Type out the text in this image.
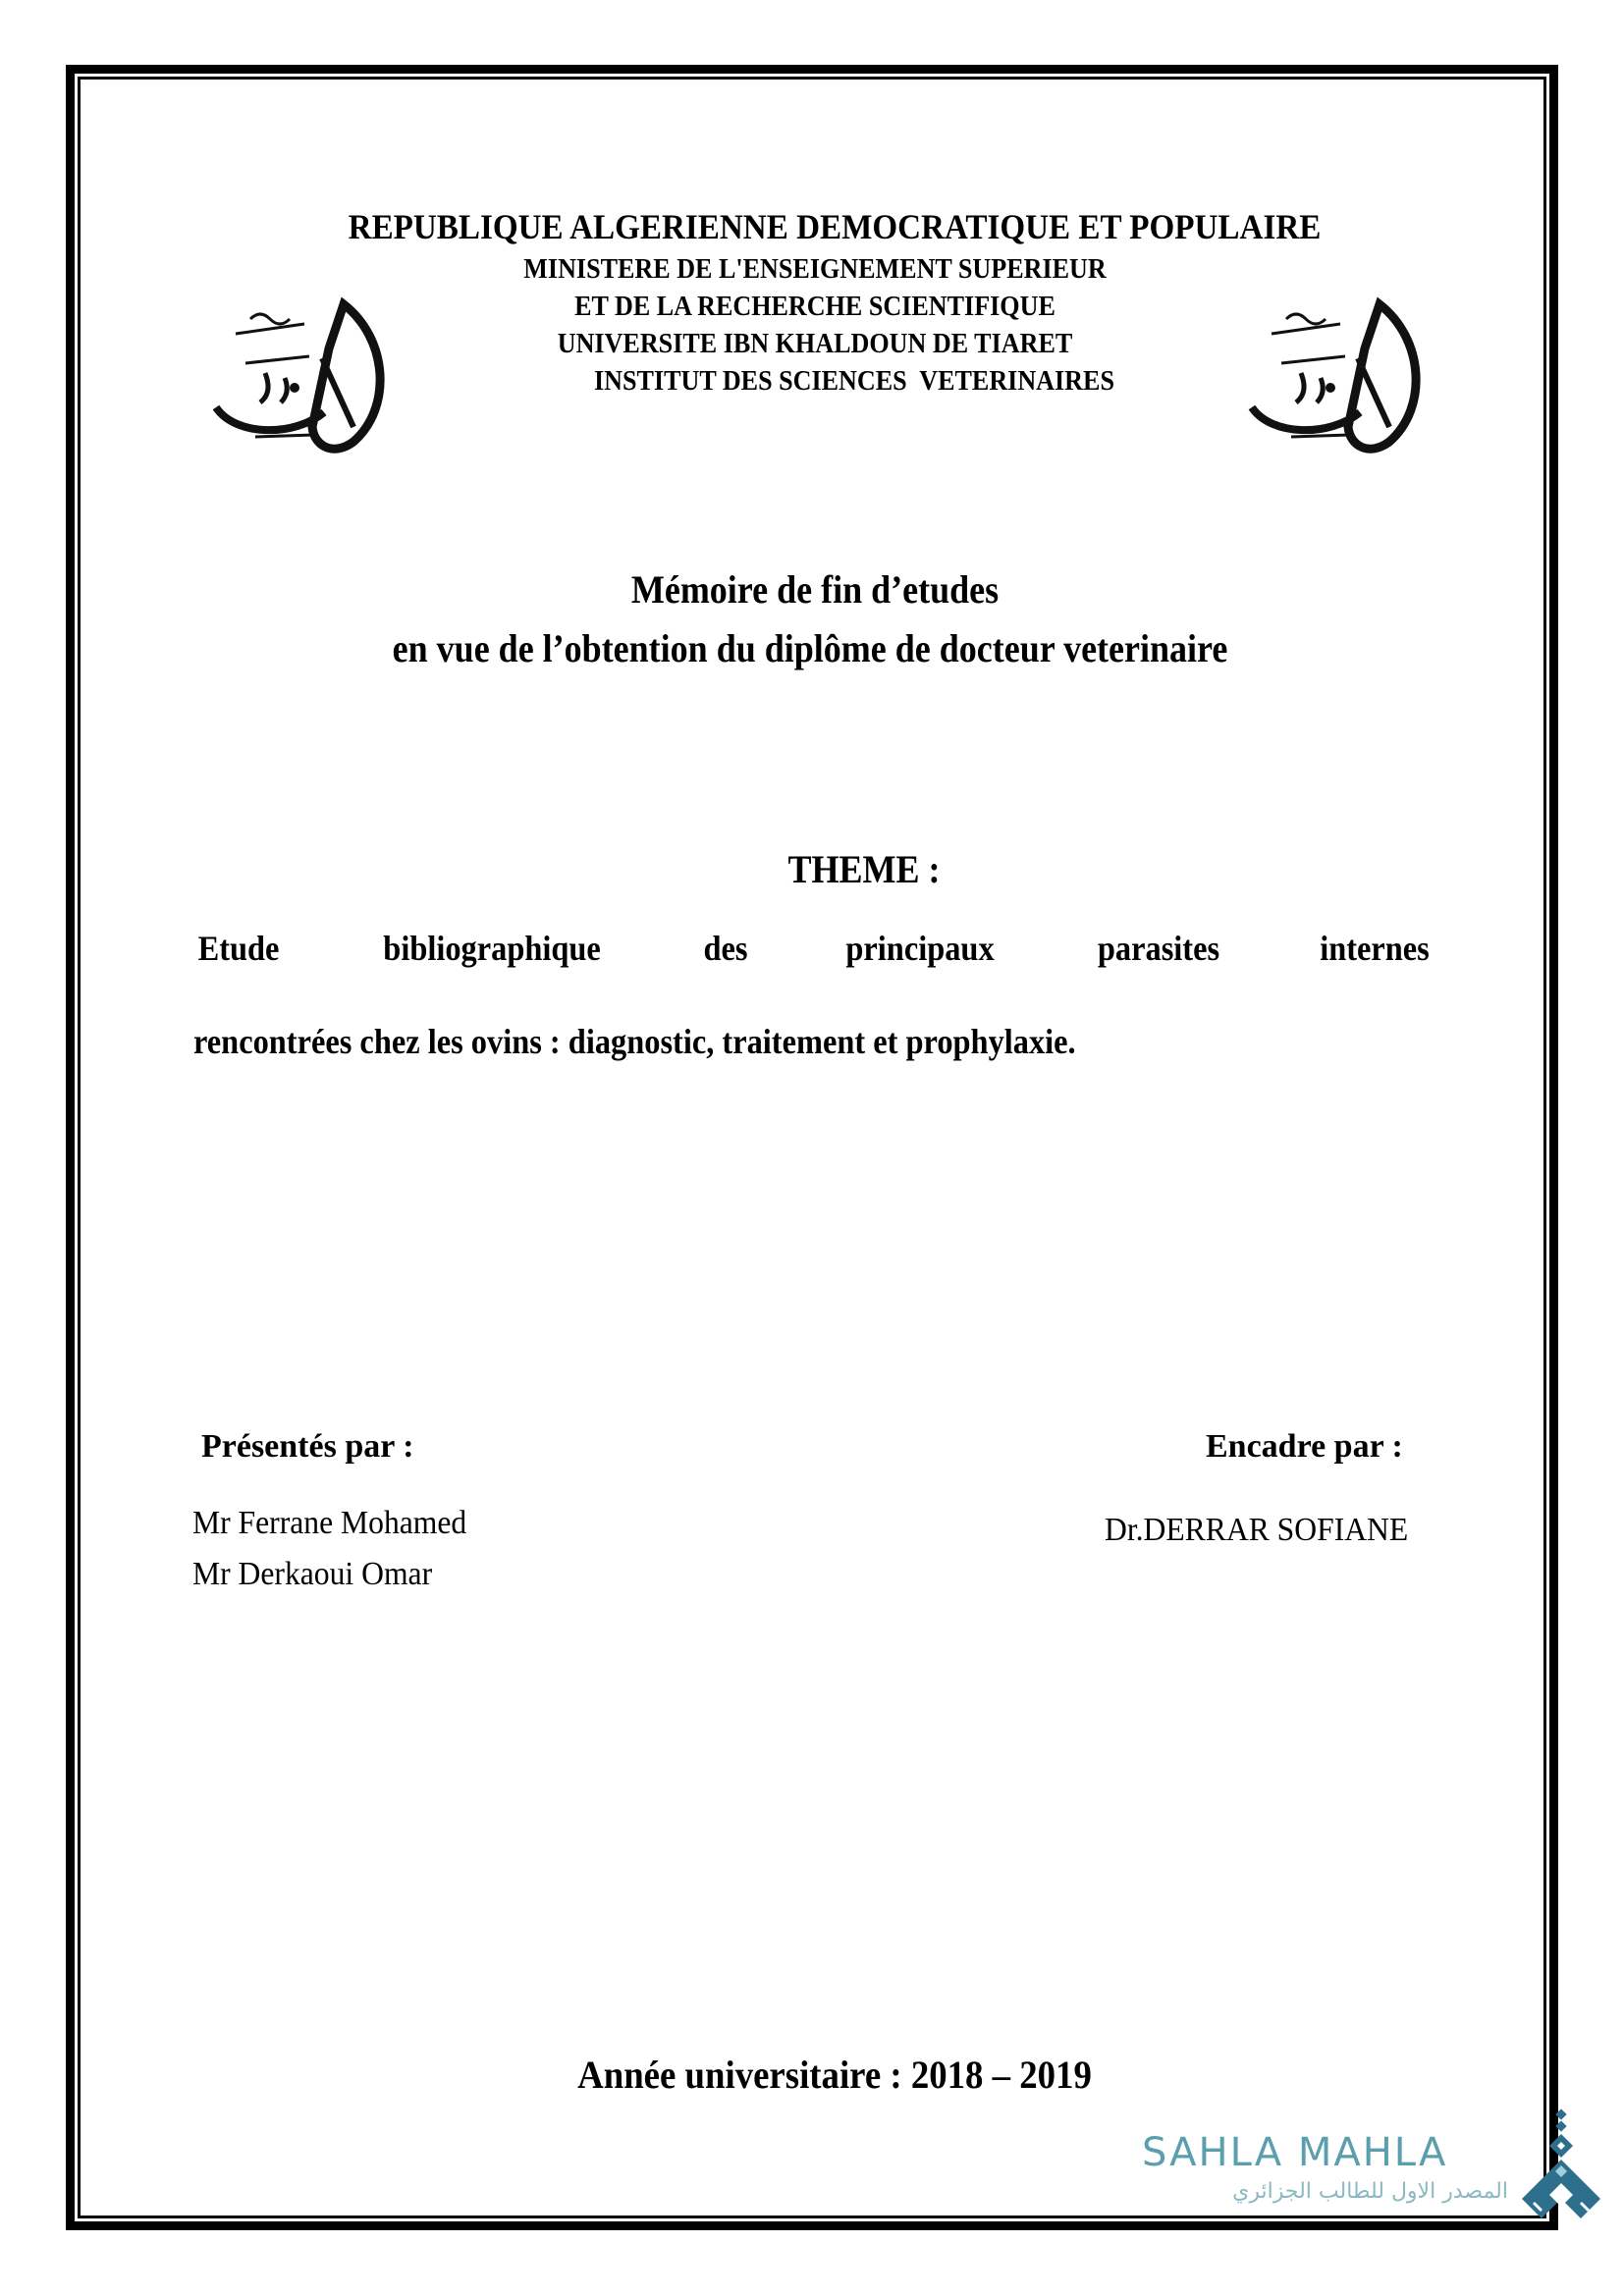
REPUBLIQUE ALGERIENNE DEMOCRATIQUE ET POPULAIRE
MINISTERE DE L'ENSEIGNEMENT SUPERIEUR
ET DE LA RECHERCHE SCIENTIFIQUE
UNIVERSITE IBN KHALDOUN DE TIARET
INSTITUT DES SCIENCES  VETERINAIRES
Mémoire de fin d’etudes
en vue de l’obtention du diplôme de docteur veterinaire
THEME :
Etude	bibliographique	des	principaux	parasites	internes
rencontrées chez les ovins : diagnostic, traitement et prophylaxie.
Présentés par :
Mr Ferrane Mohamed
Mr Derkaoui Omar
Encadre par :
Dr.DERRAR SOFIANE
Année universitaire : 2018 – 2019
SAHLA MAHLA
المصدر الاول للطالب الجزائري
